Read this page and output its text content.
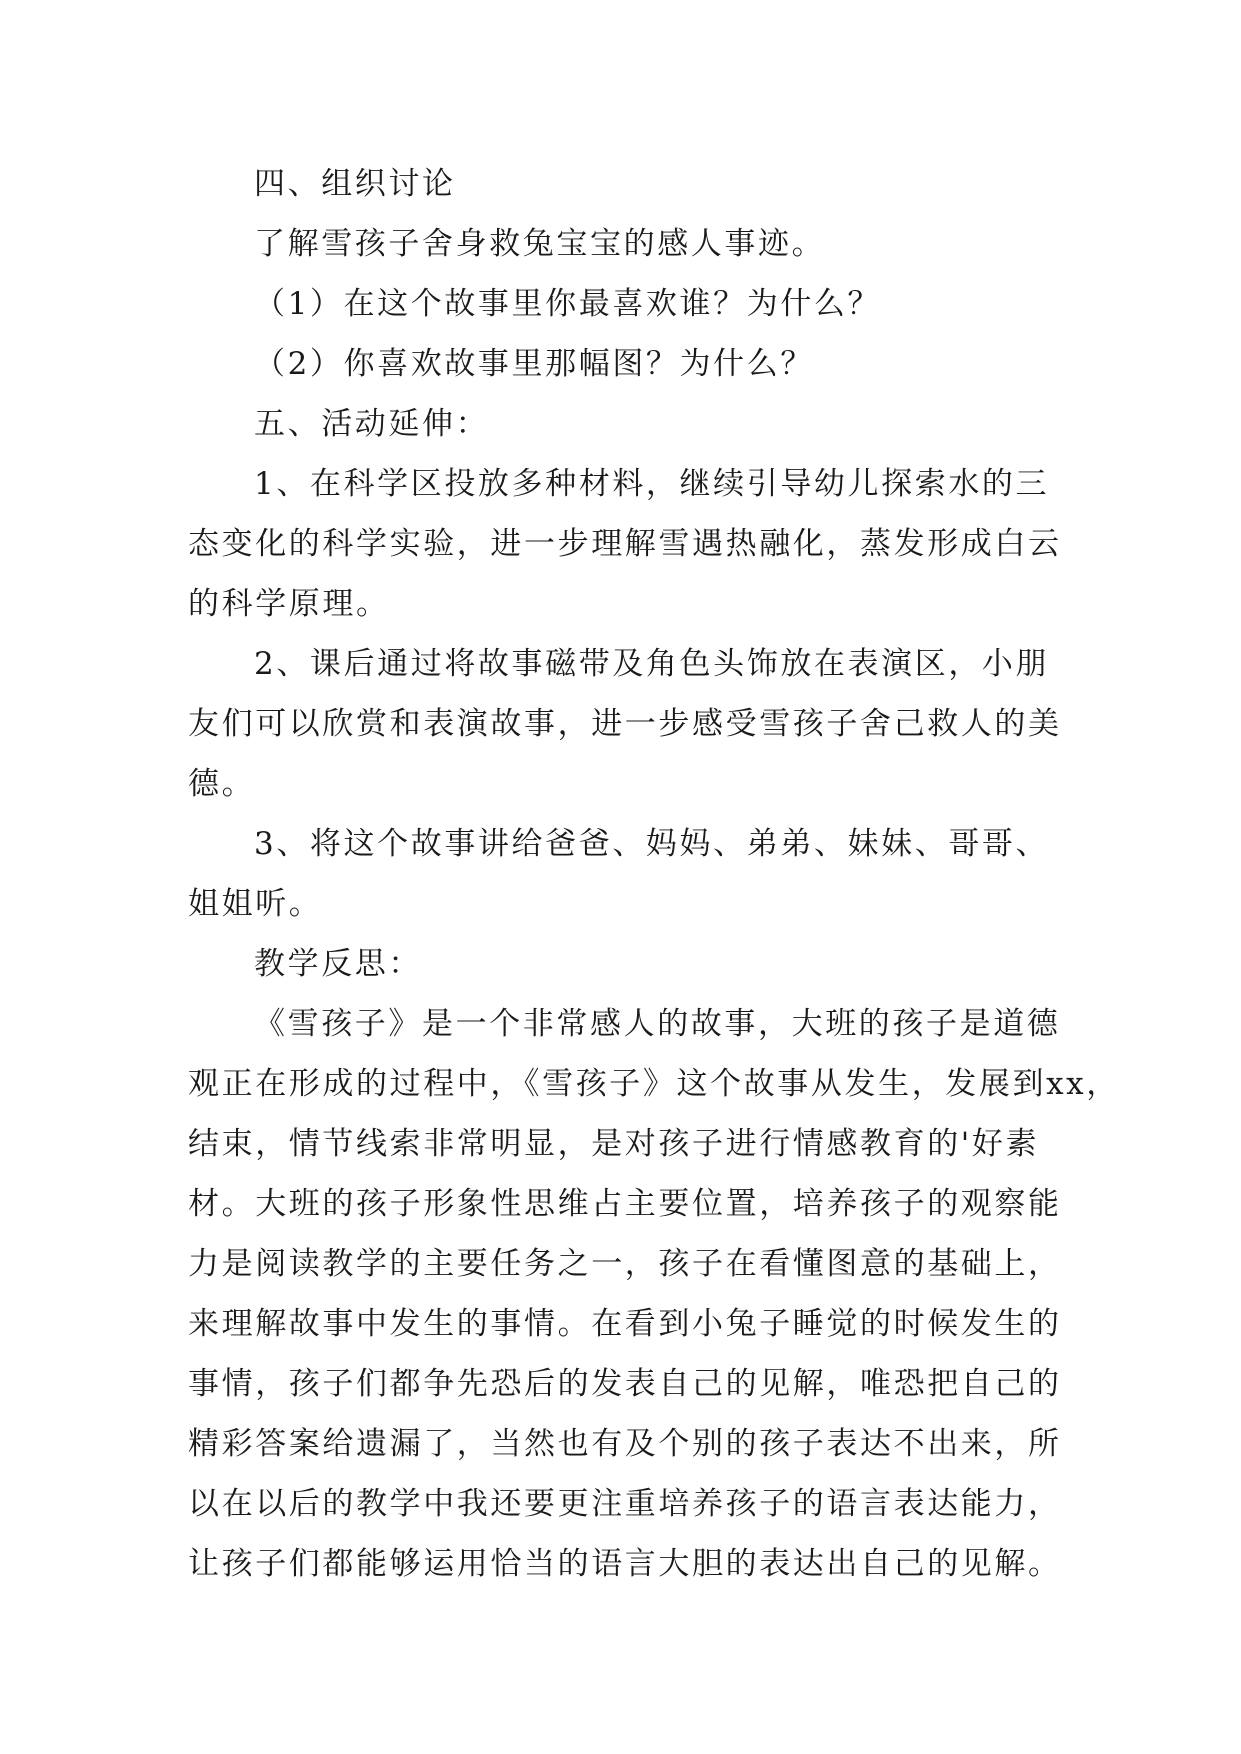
四、组织讨论
了解雪孩子舍身救兔宝宝的感人事迹。
（1）在这个故事里你最喜欢谁？为什么？
（2）你喜欢故事里那幅图？为什么？
五、活动延伸：
1、在科学区投放多种材料，继续引导幼儿探索水的三
态变化的科学实验，进一步理解雪遇热融化，蒸发形成白云
的科学原理。
2、课后通过将故事磁带及角色头饰放在表演区，小朋
友们可以欣赏和表演故事，进一步感受雪孩子舍己救人的美
德。
3、将这个故事讲给爸爸、妈妈、弟弟、妹妹、哥哥、
姐姐听。
教学反思：
《雪孩子》是一个非常感人的故事，大班的孩子是道德
观正在形成的过程中，《雪孩子》这个故事从发生，发展到xx，
结束，情节线索非常明显，是对孩子进行情感教育的'好素
材。大班的孩子形象性思维占主要位置，培养孩子的观察能
力是阅读教学的主要任务之一，孩子在看懂图意的基础上，
来理解故事中发生的事情。在看到小兔子睡觉的时候发生的
事情，孩子们都争先恐后的发表自己的见解，唯恐把自己的
精彩答案给遗漏了，当然也有及个别的孩子表达不出来，所
以在以后的教学中我还要更注重培养孩子的语言表达能力，
让孩子们都能够运用恰当的语言大胆的表达出自己的见解。
